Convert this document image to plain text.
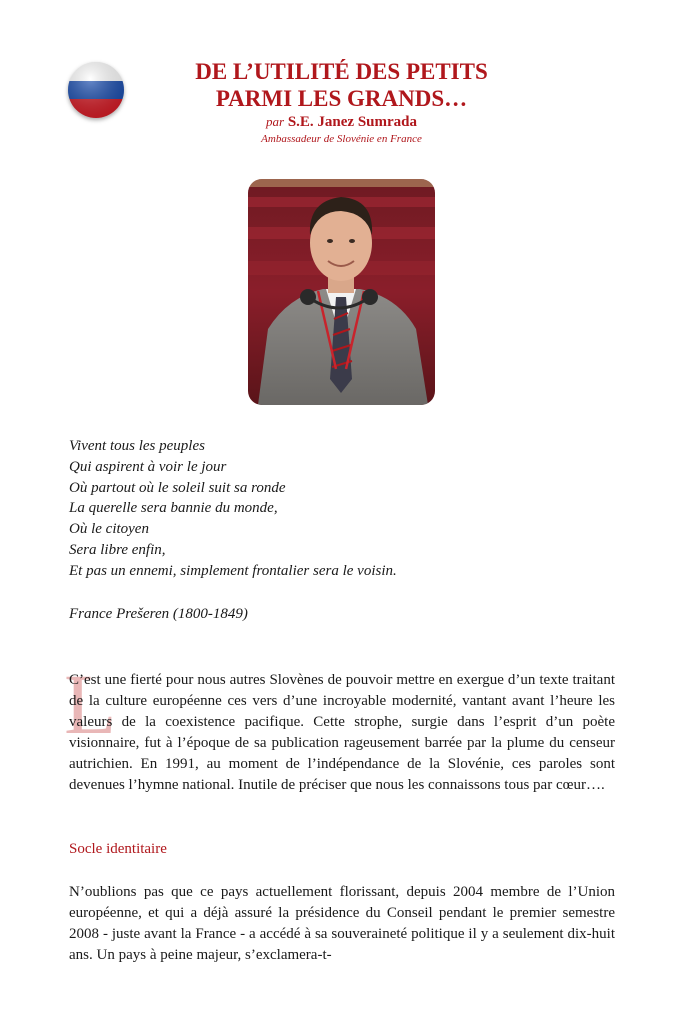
DE L’UTILITÉ DES PETITS
PARMI LES GRANDS…
par S.E. Janez Sumrada
Ambassadeur de Slovénie en France
Vivent tous les peuples
Qui aspirent à voir le jour
Où partout où le soleil suit sa ronde
La querelle sera bannie du monde,
Où le citoyen
Sera libre enfin,
Et pas un ennemi, simplement frontalier sera le voisin.
France Prešeren (1800-1849)
L

C’est une fierté pour nous autres Slovènes de pouvoir mettre en exergue d’un texte traitant de la culture européenne ces vers d’une incroyable modernité, vantant avant l’heure les valeurs de la coexistence pacifique. Cette strophe, surgie dans l’esprit d’un poète visionnaire, fut à l’époque de sa publication rageusement barrée par la plume du censeur autrichien. En 1991, au moment de l’indépendance de la Slovénie, ces paroles sont devenues l’hymne national. Inutile de préciser que nous les connaissons tous par cœur….

Socle identitaire

N’oublions pas que ce pays actuellement florissant, depuis 2004 membre de l’Union européenne, et qui a déjà assuré la présidence du Conseil pendant le premier semestre 2008 - juste avant la France - a accédé à sa souveraineté politique il y a seulement dix-huit ans. Un pays à peine majeur, s’exclamera-t-
